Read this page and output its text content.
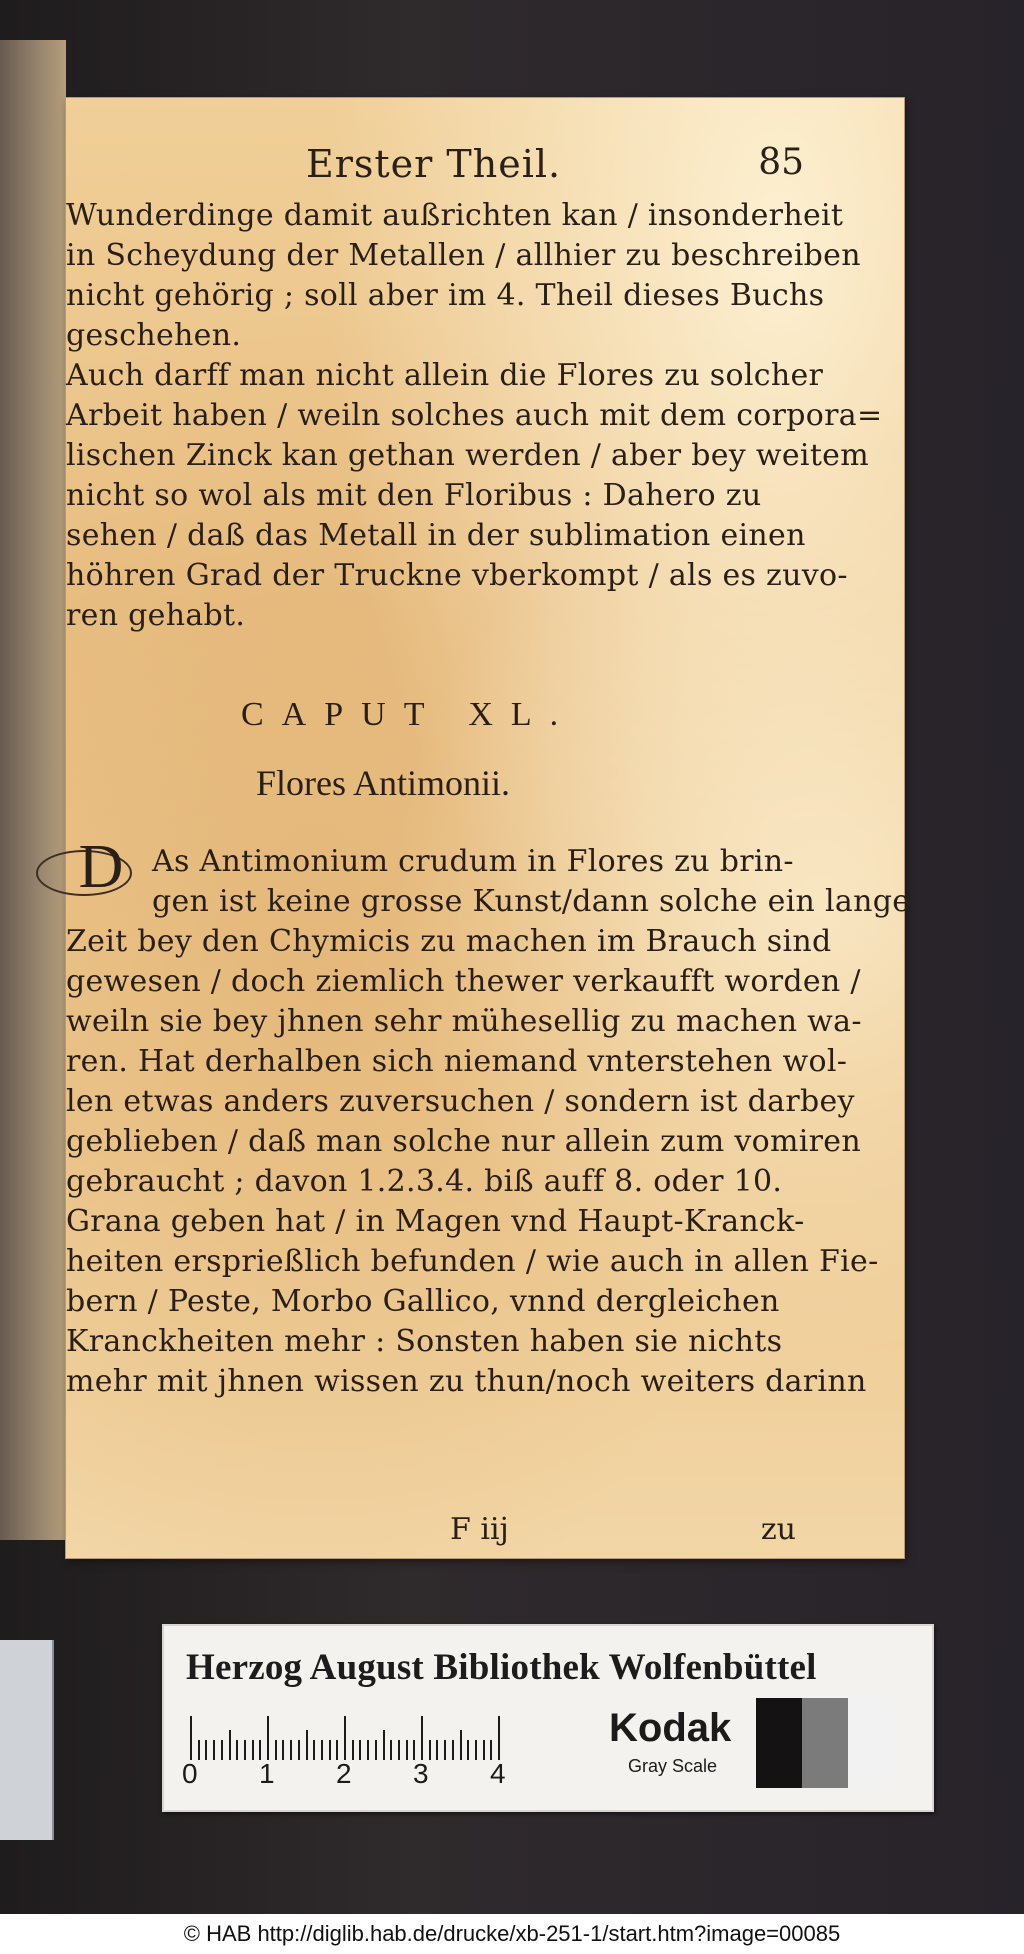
Erster Theil.	85
Wunderdinge damit außrichten kan / insonderheit
in Scheydung der Metallen / allhier zu beschreiben
nicht gehörig ; soll aber im 4. Theil dieses Buchs
geschehen.
Auch darff man nicht allein die Flores zu solcher
Arbeit haben / weiln solches auch mit dem corpora=
lischen Zinck kan gethan werden / aber bey weitem
nicht so wol als mit den Floribus : Dahero zu
sehen / daß das Metall in der sublimation einen
höhren Grad der Truckne vberkompt / als es zuvo-
ren gehabt.
CAPUT XL.
Flores Antimonii.
D As Antimonium crudum in Flores zu brin-
gen ist keine grosse Kunst/dann solche ein lange
Zeit bey den Chymicis zu machen im Brauch sind
gewesen / doch ziemlich thewer verkaufft worden /
weiln sie bey jhnen sehr mühesellig zu machen wa-
ren. Hat derhalben sich niemand vnterstehen wol-
len etwas anders zuversuchen / sondern ist darbey
geblieben / daß man solche nur allein zum vomiren
gebraucht ; davon 1.2.3.4. biß auff 8. oder 10.
Grana geben hat / in Magen vnd Haupt-Kranck-
heiten ersprießlich befunden / wie auch in allen Fie-
bern / Peste, Morbo Gallico, vnnd dergleichen
Kranckheiten mehr : Sonsten haben sie nichts
mehr mit jhnen wissen zu thun/noch weiters darinn
F iij	zu
Herzog August Bibliothek Wolfenbüttel
0 1 2 3 4
Kodak
Gray Scale
© HAB http://diglib.hab.de/drucke/xb-251-1/start.htm?image=00085
